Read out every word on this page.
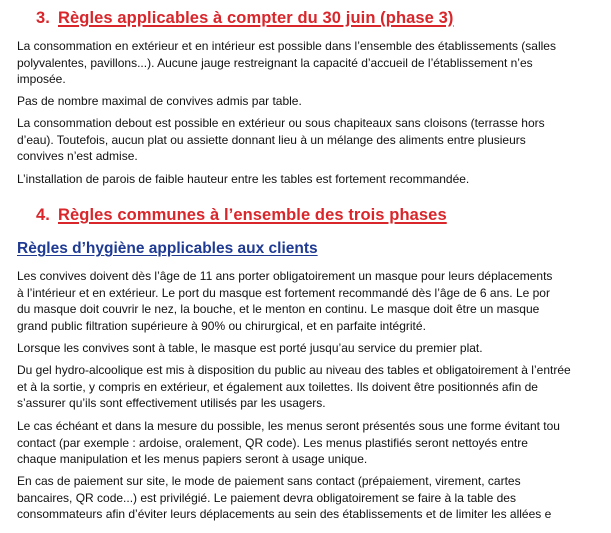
3. Règles applicables à compter du 30 juin (phase 3)
La consommation en extérieur et en intérieur est possible dans l’ensemble des établissements (salles
polyvalentes, pavillons...). Aucune jauge restreignant la capacité d’accueil de l’établissement n’es
imposée.
Pas de nombre maximal de convives admis par table.
La consommation debout est possible en extérieur ou sous chapiteaux sans cloisons (terrasse hors
d’eau). Toutefois, aucun plat ou assiette donnant lieu à un mélange des aliments entre plusieurs
convives n’est admise.
L’installation de parois de faible hauteur entre les tables est fortement recommandée.
4. Règles communes à l’ensemble des trois phases
Règles d’hygiène applicables aux clients
Les convives doivent dès l’âge de 11 ans porter obligatoirement un masque pour leurs déplacements
à l’intérieur et en extérieur. Le port du masque est fortement recommandé dès l’âge de 6 ans. Le por
du masque doit couvrir le nez, la bouche, et le menton en continu. Le masque doit être un masque
grand public filtration supérieure à 90% ou chirurgical, et en parfaite intégrité.
Lorsque les convives sont à table, le masque est porté jusqu’au service du premier plat.
Du gel hydro-alcoolique est mis à disposition du public au niveau des tables et obligatoirement à l’entrée
et à la sortie, y compris en extérieur, et également aux toilettes. Ils doivent être positionnés afin de
s’assurer qu’ils sont effectivement utilisés par les usagers.
Le cas échéant et dans la mesure du possible, les menus seront présentés sous une forme évitant tou
contact (par exemple : ardoise, oralement, QR code). Les menus plastifiés seront nettoyés entre
chaque manipulation et les menus papiers seront à usage unique.
En cas de paiement sur site, le mode de paiement sans contact (prépaiement, virement, cartes
bancaires, QR code...) est privilégié. Le paiement devra obligatoirement se faire à la table des
consommateurs afin d’éviter leurs déplacements au sein des établissements et de limiter les allées e
